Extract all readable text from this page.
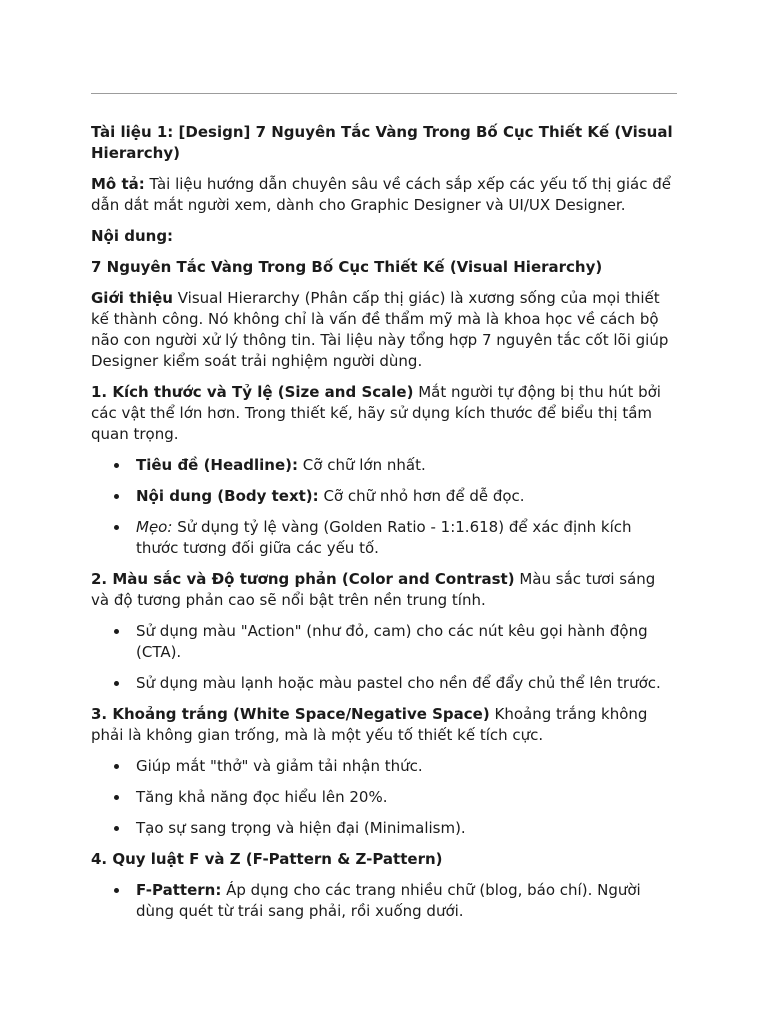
Tài liệu 1: [Design] 7 Nguyên Tắc Vàng Trong Bố Cục Thiết Kế (Visual
Hierarchy)
Mô tả: Tài liệu hướng dẫn chuyên sâu về cách sắp xếp các yếu tố thị giác để
dẫn dắt mắt người xem, dành cho Graphic Designer và UI/UX Designer.
Nội dung:
7 Nguyên Tắc Vàng Trong Bố Cục Thiết Kế (Visual Hierarchy)
Giới thiệu Visual Hierarchy (Phân cấp thị giác) là xương sống của mọi thiết
kế thành công. Nó không chỉ là vấn đề thẩm mỹ mà là khoa học về cách bộ
não con người xử lý thông tin. Tài liệu này tổng hợp 7 nguyên tắc cốt lõi giúp
Designer kiểm soát trải nghiệm người dùng.
1. Kích thước và Tỷ lệ (Size and Scale) Mắt người tự động bị thu hút bởi
các vật thể lớn hơn. Trong thiết kế, hãy sử dụng kích thước để biểu thị tầm
quan trọng.
Tiêu đề (Headline): Cỡ chữ lớn nhất.
Nội dung (Body text): Cỡ chữ nhỏ hơn để dễ đọc.
Mẹo: Sử dụng tỷ lệ vàng (Golden Ratio - 1:1.618) để xác định kích
thước tương đối giữa các yếu tố.
2. Màu sắc và Độ tương phản (Color and Contrast) Màu sắc tươi sáng
và độ tương phản cao sẽ nổi bật trên nền trung tính.
Sử dụng màu "Action" (như đỏ, cam) cho các nút kêu gọi hành động
(CTA).
Sử dụng màu lạnh hoặc màu pastel cho nền để đẩy chủ thể lên trước.
3. Khoảng trắng (White Space/Negative Space) Khoảng trắng không
phải là không gian trống, mà là một yếu tố thiết kế tích cực.
Giúp mắt "thở" và giảm tải nhận thức.
Tăng khả năng đọc hiểu lên 20%.
Tạo sự sang trọng và hiện đại (Minimalism).
4. Quy luật F và Z (F-Pattern & Z-Pattern)
F-Pattern: Áp dụng cho các trang nhiều chữ (blog, báo chí). Người
dùng quét từ trái sang phải, rồi xuống dưới.
